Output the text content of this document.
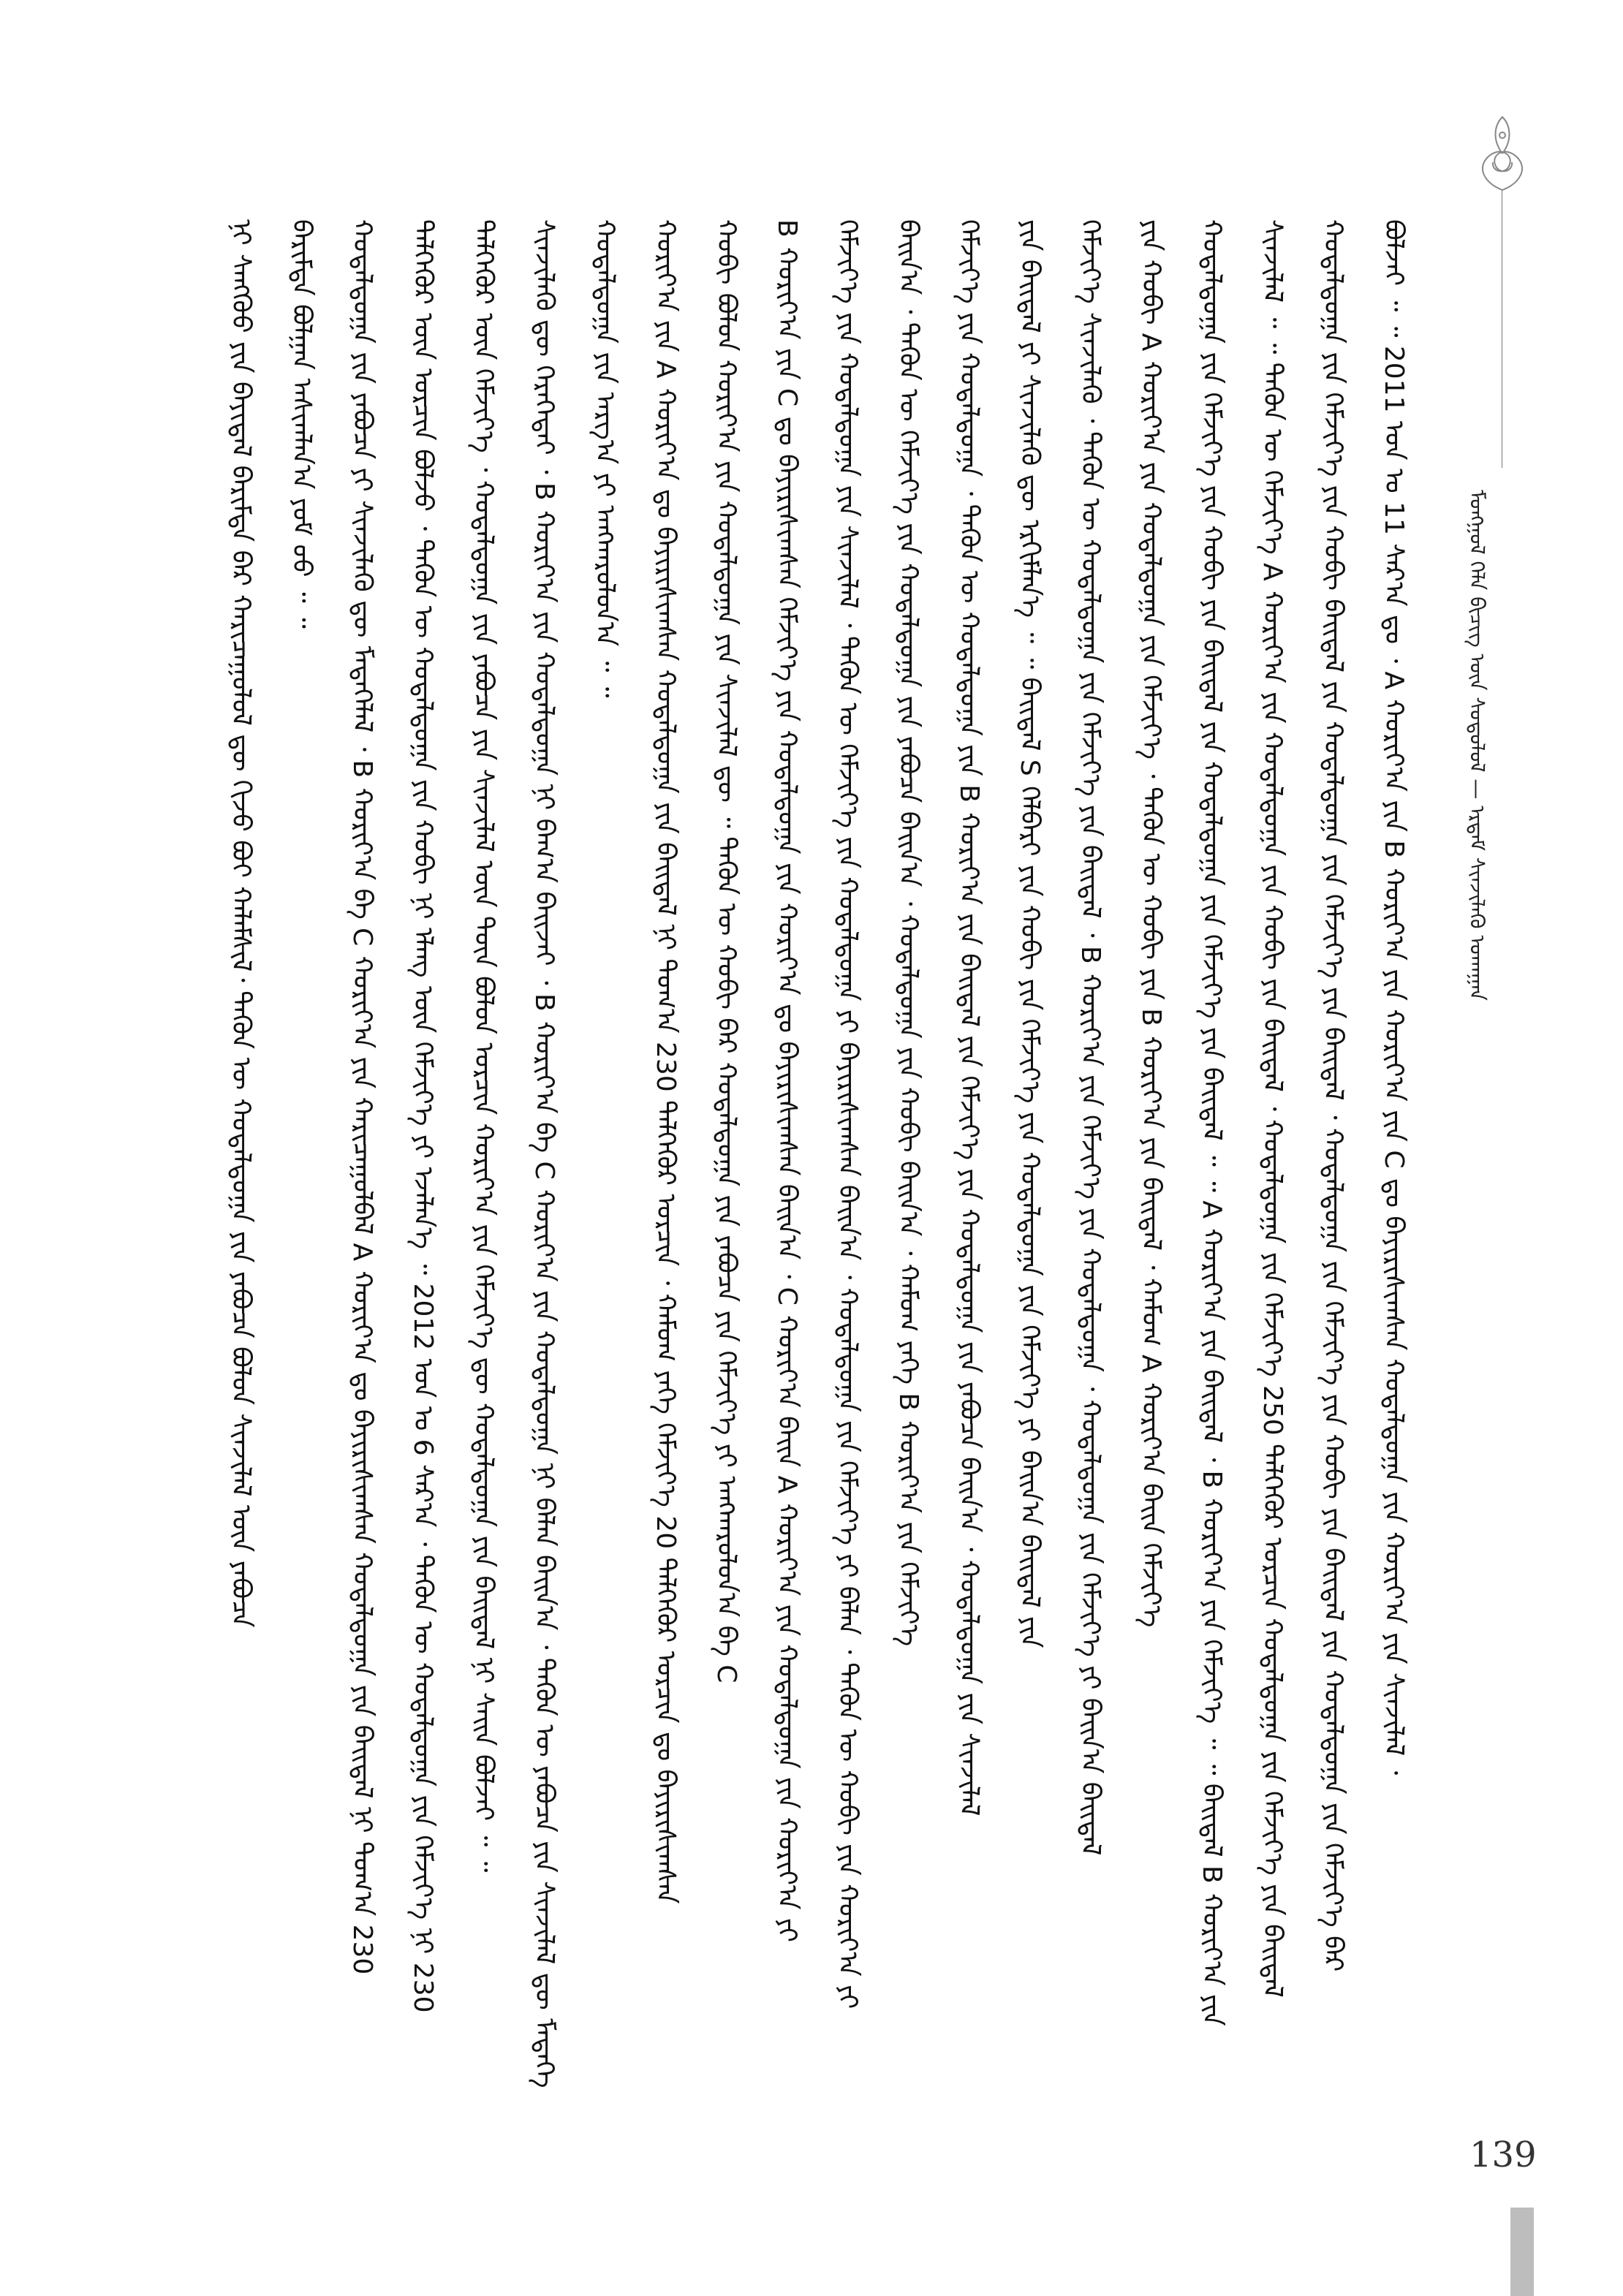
ᠮᠣᠩᠭᠣᠯ ᠬᠡᠯᠡ ᠪᠢᠴᠢᠭ᠌ ᠦᠨ ᠰᠤᠳᠤᠯᠤᠯ — ᠡᠷᠳᠡᠮ ᠰᠢᠨᠵᠢᠯᠡᠬᠦ ᠤᠬᠠᠭᠠᠨ
ᠨᠢ ᠰᠠᠩᠬᠦᠦ ᠶᠢᠨ ᠪᠠᠶᠢᠳᠠᠯ ᠪᠠᠷᠢᠮᠲᠠ ᠪᠠᠷ ᠬᠠᠷᠢᠴᠠᠭᠤᠯᠤᠯ ᠳᠦ ᠬᠢᠵᠦ ᠪᠤᠢ ᠬᠠᠯᠠᠮᠰᠢᠯ᠂ ᠲᠡᠭᠦᠨ ᠦ ᠬᠤᠳᠠᠯᠳᠤᠭᠠ ᠶᠢᠨ ᠶᠠᠪᠤᠴᠠ ᠪᠣᠯᠤᠨ ᠰᠢᠨᠵᠢᠯᠡᠯ ᠦᠨ ᠶᠠᠪᠤᠴᠠ ᠪᠠᠷᠢᠮᠲᠠ ᠪᠣᠯᠭᠠᠨ ᠠᠰᠢᠭᠯᠠᠨ᠎ᠠ ᠶᠤᠮ ᠦᠦ ᠃ ᠃ ᠬᠤᠳᠠᠯᠳᠤᠭᠠ ᠶᠢᠨ ᠶᠠᠪᠤᠴᠠ ᠶᠢ ᠰᠢᠨᠵᠢᠯᠡᠬᠦ ᠳᠦ ᠮᠡᠳᠡᠭᠡᠯᠡᠯ ᠂ B ᠬᠣᠷᠢᠶ᠎ᠠ ᠪᠠ C ᠬᠣᠷᠢᠶ᠎ᠠ ᠶᠢᠨ ᠬᠠᠷᠢᠴᠠᠭᠤᠯᠪᠠᠯ A ᠬᠣᠷᠢᠶ᠎ᠠ ᠳᠤ ᠪᠠᠶᠢᠷᠢᠰᠢᠭᠰᠠᠨ ᠬᠤᠳᠠᠯᠳᠤᠭᠠ ᠶᠢᠨ ᠪᠠᠢᠳᠠᠯ ᠨᠢ ᠲᠣᠭ᠎ᠠ 230 ᠳᠡᠯᠭᠡᠭᠦᠷ ᠦᠨ ᠣᠷᠴᠢᠨ ᠪᠣᠯᠵᠤ ᠂ ᠲᠡᠭᠦᠨ ᠦ ᠬᠤᠳᠠᠯᠳᠤᠭᠠ ᠶᠢᠨ ᠬᠤᠪᠢ ᠨᠢ ᠡᠯᠡᠩ ᠦᠨ ᠬᠡᠮᠵᠢᠶ᠎ᠡ ᠶᠢ ᠡᠵᠡᠯᠡᠨ᠎ᠡ ᠃ 2012 ᠣᠨ ᠤ 6 ᠰᠠᠷ᠎ᠠ ᠂ ᠲᠡᠭᠦᠨ ᠦ ᠬᠤᠳᠠᠯᠳᠤᠭᠠ ᠶᠢᠨ ᠬᠡᠮᠵᠢᠶ᠎ᠡ ᠨᠢ 230 ᠳᠡᠯᠭᠡᠭᠦᠷ ᠦᠨ ᠬᠡᠮᠵᠢᠶ᠎ᠡ ᠂ ᠬᠤᠳᠠᠯᠳᠤᠭᠠ ᠶᠢᠨ ᠶᠠᠪᠤᠴᠠ ᠶᠢᠨ ᠰᠢᠨᠵᠢᠯᠡᠯ ᠦᠨ ᠳᠦᠨ ᠪᠣᠯᠤᠨ ᠣᠷᠴᠢᠨ ᠬᠣᠷᠢᠶ᠎ᠠ ᠶᠢᠨ ᠬᠡᠮᠵᠢᠶ᠎ᠡ ᠳᠦ ᠬᠤᠳᠠᠯᠳᠤᠭᠠ ᠶᠢᠨ ᠪᠠᠢᠳᠠᠯ ᠨᠢ ᠰᠠᠢᠨ ᠪᠣᠯᠵᠠᠢ ᠃ ᠃ ᠰᠢᠨᠵᠢᠯᠡᠬᠦ ᠳᠦ ᠬᠡᠷᠡᠭᠡᠳᠡᠢ ᠂ B ᠬᠣᠷᠢᠶ᠎ᠠ ᠶᠢᠨ ᠬᠤᠳᠠᠯᠳᠤᠭᠠ ᠨᠢ ᠪᠠᠭ᠎ᠠ ᠪᠠᠢᠵᠠᠢ ᠂ B ᠬᠣᠷᠢᠶ᠎ᠠ ᠪᠠ C ᠬᠣᠷᠢᠶ᠎ᠠ ᠶᠢᠨ ᠬᠤᠳᠠᠯᠳᠤᠭᠠ ᠨᠢ ᠪᠡᠯᠡᠨ ᠪᠠᠢᠨ᠎ᠠ ᠂ ᠲᠡᠭᠦᠨ ᠦ ᠶᠠᠪᠤᠴᠠ ᠶᠢᠨ ᠰᠢᠨᠵᠢᠯᠡᠯ ᠳᠦ ᠮᠡᠳᠡᠭᠡ ᠬᠤᠳᠠᠯᠳᠤᠭᠠ ᠶᠢᠨ ᠠᠷᠭ᠎ᠠ ᠶᠢ ᠠᠩᠬᠠᠷᠤᠯᠤᠨ᠎ᠠ ᠃ ᠃ ᠬᠣᠷᠢᠶ᠎ᠠ ᠶᠢᠨ A ᠬᠣᠷᠢᠶ᠎ᠠ ᠳᠤ ᠪᠠᠶᠢᠷᠢᠰᠢᠭᠰᠠᠨ ᠬᠤᠳᠠᠯᠳᠤᠭᠠ ᠶᠢᠨ ᠪᠠᠢᠳᠠᠯ ᠨᠢ ᠲᠣᠭ᠎ᠠ 230 ᠳᠡᠯᠭᠡᠭᠦᠷ ᠣᠷᠴᠢᠨ ᠂ ᠬᠠᠮᠤᠭ ᠶᠡᠬᠡ ᠬᠡᠮᠵᠢᠶ᠎ᠡ 20 ᠳᠡᠯᠭᠡᠭᠦᠷ ᠣᠷᠴᠢᠨ ᠳᠤ ᠪᠠᠶᠢᠷᠢᠰᠢᠭᠰᠠᠨ ᠬᠤᠪᠢ ᠪᠣᠯᠤᠨ ᠬᠣᠷᠢᠶ᠎ᠠ ᠶᠢᠨ ᠬᠤᠳᠠᠯᠳᠤᠭᠠ ᠶᠢᠨ ᠰᠢᠨᠵᠢᠯᠡᠯ ᠳᠦ ᠃ ᠲᠡᠭᠦᠨ ᠦ ᠬᠤᠪᠢ ᠪᠠᠷ ᠬᠤᠳᠠᠯᠳᠤᠭᠠ ᠶᠢᠨ ᠶᠠᠪᠤᠴᠠ ᠶᠢᠨ ᠬᠡᠮᠵᠢᠶ᠎ᠡ ᠶᠢ ᠠᠩᠬᠠᠷᠤᠯᠤᠨ᠎ᠠ ᠪᠠ C B ᠬᠣᠷᠢᠶ᠎ᠠ ᠶᠢᠨ C ᠳᠤ ᠪᠠᠶᠢᠷᠢᠰᠢᠭᠰᠠᠨ ᠬᠡᠮᠵᠢᠶ᠎ᠡ ᠶᠢᠨ ᠬᠤᠳᠠᠯᠳᠤᠭᠠ ᠶᠢᠨ ᠬᠣᠷᠢᠶ᠎ᠠ ᠳᠤ ᠪᠠᠶᠢᠷᠢᠰᠢᠭᠰᠠᠨ ᠪᠠᠢᠨ᠎ᠠ ᠂ C ᠬᠣᠷᠢᠶ᠎ᠠ ᠪᠠᠢᠨ A ᠬᠣᠷᠢᠶ᠎ᠠ ᠶᠢᠨ ᠬᠤᠳᠠᠯᠳᠤᠭᠠ ᠶᠢᠨ ᠬᠣᠷᠢᠶ᠎ᠠ ᠶᠢ ᠬᠡᠮᠵᠢᠶ᠎ᠡ ᠶᠢᠨ ᠬᠤᠳᠠᠯᠳᠤᠭᠠ ᠶᠢᠨ ᠰᠢᠨᠵᠢᠯᠡᠯ ᠂ ᠲᠡᠭᠦᠨ ᠦ ᠬᠡᠮᠵᠢᠶ᠎ᠡ ᠶᠢᠨ ᠬᠤᠳᠠᠯᠳᠤᠭᠠ ᠶᠢ ᠪᠠᠶᠢᠷᠢᠰᠢᠭᠰᠠᠨ ᠪᠠᠢᠨ᠎ᠠ ᠂ ᠬᠤᠳᠠᠯᠳᠤᠭᠠ ᠶᠢᠨ ᠬᠡᠮᠵᠢᠶ᠎ᠡ ᠶᠢ ᠪᠡᠯᠡᠨ ᠂ ᠲᠡᠭᠦᠨ ᠦ ᠬᠤᠪᠢ ᠶᠢᠨ ᠬᠣᠷᠢᠶ᠎ᠠ ᠶᠢ ᠪᠠᠢᠨ᠎ᠠ ᠂ ᠲᠡᠭᠦᠨ ᠦ ᠬᠡᠮᠵᠢᠶ᠎ᠡ ᠶᠢᠨ ᠬᠤᠳᠠᠯᠳᠤᠭᠠ ᠶᠢᠨ ᠶᠠᠪᠤᠴᠠ ᠪᠠᠢᠨ᠎ᠠ ᠂ ᠬᠤᠳᠠᠯᠳᠤᠭᠠ ᠶᠢᠨ ᠬᠤᠪᠢ ᠪᠠᠢᠨ᠎ᠠ ᠂ ᠬᠠᠮᠤᠭ ᠶᠡᠬᠡ B ᠬᠣᠷᠢᠶ᠎ᠠ ᠶᠢᠨ ᠬᠡᠮᠵᠢᠶ᠎ᠡ ᠬᠡᠮᠵᠢᠶ᠎ᠡ ᠶᠢᠨ ᠬᠤᠳᠠᠯᠳᠤᠭᠠ ᠂ ᠲᠡᠭᠦᠨ ᠦ ᠬᠤᠳᠠᠯᠳᠤᠭᠠ ᠶᠢᠨ B ᠬᠣᠷᠢᠶ᠎ᠠ ᠶᠢᠨ ᠪᠠᠢᠳᠠᠯ ᠶᠢᠨ ᠬᠡᠮᠵᠢᠶ᠎ᠡ ᠶᠢᠨ ᠬᠤᠳᠠᠯᠳᠤᠭᠠ ᠶᠢᠨ ᠶᠠᠪᠤᠴᠠ ᠪᠠᠢᠨ᠎ᠠ ᠂ ᠬᠤᠳᠠᠯᠳᠤᠭᠠ ᠶᠢᠨ ᠰᠢᠨᠵᠢᠯᠡᠯ ᠶᠢᠨ ᠪᠠᠢᠳᠠᠯ ᠶᠢ ᠰᠢᠨᠵᠢᠯᠡᠬᠦ ᠳᠦ ᠡᠷᠬᠢᠮᠯᠡᠨ᠎ᠡ ᠃ ᠃ ᠪᠠᠢᠳᠠᠯ S ᠬᠡᠯᠪᠡᠷᠢ ᠶᠢᠨ ᠬᠤᠪᠢ ᠶᠢᠨ ᠬᠡᠮᠵᠢᠶ᠎ᠡ ᠶᠢᠨ ᠬᠤᠳᠠᠯᠳᠤᠭᠠ ᠶᠢᠨ ᠬᠡᠮᠵᠢᠶ᠎ᠡ ᠶᠢ ᠪᠠᠢᠨ᠎ᠠ ᠪᠠᠢᠳᠠᠯ ᠶᠢᠨ ᠬᠡᠮᠵᠢᠶ᠎ᠡ ᠰᠢᠨᠵᠢᠯᠡᠬᠦ ᠂ ᠲᠡᠭᠦᠨ ᠦ ᠬᠤᠳᠠᠯᠳᠤᠭᠠ ᠶᠢᠨ ᠬᠡᠮᠵᠢᠶ᠎ᠡ ᠶᠢᠨ ᠪᠠᠢᠳᠠᠯ ᠂ B ᠬᠣᠷᠢᠶ᠎ᠠ ᠶᠢᠨ ᠬᠡᠮᠵᠢᠶ᠎ᠡ ᠶᠢᠨ ᠬᠤᠳᠠᠯᠳᠤᠭᠠ ᠂ ᠬᠤᠳᠠᠯᠳᠤᠭᠠ ᠶᠢᠨ ᠬᠡᠮᠵᠢᠶ᠎ᠡ ᠶᠢ ᠪᠠᠢᠨ᠎ᠠ ᠪᠠᠢᠳᠠᠯ ᠶᠢᠨ ᠬᠤᠪᠢ A ᠬᠣᠷᠢᠶ᠎ᠠ ᠶᠢᠨ ᠬᠤᠳᠠᠯᠳᠤᠭᠠ ᠶᠢᠨ ᠬᠡᠮᠵᠢᠶ᠎ᠡ ᠂ ᠲᠡᠭᠦᠨ ᠦ ᠬᠤᠪᠢ ᠶᠢᠨ B ᠬᠣᠷᠢᠶ᠎ᠠ ᠶᠢᠨ ᠪᠠᠢᠳᠠᠯ ᠂ ᠬᠠᠮᠤᠭ A ᠬᠣᠷᠢᠶ᠎ᠠ ᠪᠠᠢᠨ ᠬᠡᠮᠵᠢᠶ᠎ᠡ ᠬᠤᠳᠠᠯᠳᠤᠭᠠ ᠶᠢᠨ ᠬᠡᠮᠵᠢᠶ᠎ᠡ ᠶᠢᠨ ᠬᠤᠪᠢ ᠶᠢᠨ ᠪᠠᠢᠳᠠᠯ ᠶᠢᠨ ᠬᠤᠳᠠᠯᠳᠤᠭᠠ ᠶᠢᠨ ᠬᠡᠮᠵᠢᠶ᠎ᠡ ᠶᠢᠨ ᠪᠠᠢᠳᠠᠯ ᠃ ᠃ A ᠬᠣᠷᠢᠶ᠎ᠠ ᠶᠢᠨ ᠪᠠᠢᠳᠠᠯ ᠂ B ᠬᠣᠷᠢᠶ᠎ᠠ ᠶᠢᠨ ᠬᠡᠮᠵᠢᠶ᠎ᠡ ᠃ ᠃ ᠪᠠᠢᠳᠠᠯ B ᠬᠣᠷᠢᠶ᠎ᠠ ᠶᠢᠨ ᠰᠢᠨᠵᠢᠯᠡᠯ ᠃ ᠃ ᠲᠡᠭᠦᠨ ᠦ ᠬᠡᠮᠵᠢᠶ᠎ᠡ A ᠬᠣᠷᠢᠶ᠎ᠠ ᠶᠢᠨ ᠬᠤᠳᠠᠯᠳᠤᠭᠠ ᠶᠢᠨ ᠬᠤᠪᠢ ᠶᠢᠨ ᠪᠠᠢᠳᠠᠯ ᠂ ᠬᠤᠳᠠᠯᠳᠤᠭᠠ ᠶᠢᠨ ᠬᠡᠮᠵᠢᠶ᠎ᠡ 250 ᠳᠡᠯᠭᠡᠭᠦᠷ ᠣᠷᠴᠢᠨ ᠬᠤᠳᠠᠯᠳᠤᠭᠠ ᠶᠢᠨ ᠬᠡᠮᠵᠢᠶ᠎ᠡ ᠶᠢᠨ ᠪᠠᠢᠳᠠᠯ ᠬᠤᠳᠠᠯᠳᠤᠭᠠ ᠶᠢᠨ ᠬᠡᠮᠵᠢᠶ᠎ᠡ ᠶᠢᠨ ᠬᠤᠪᠢ ᠪᠠᠢᠳᠠᠯ ᠶᠢᠨ ᠬᠤᠳᠠᠯᠳᠤᠭᠠ ᠶᠢᠨ ᠬᠡᠮᠵᠢᠶ᠎ᠡ ᠶᠢᠨ ᠪᠠᠢᠳᠠᠯ ᠂ ᠬᠤᠳᠠᠯᠳᠤᠭᠠ ᠶᠢᠨ ᠬᠡᠮᠵᠢᠶ᠎ᠡ ᠶᠢᠨ ᠬᠤᠪᠢ ᠶᠢᠨ ᠪᠠᠢᠳᠠᠯ ᠶᠢᠨ ᠬᠤᠳᠠᠯᠳᠤᠭᠠ ᠶᠢᠨ ᠬᠡᠮᠵᠢᠶ᠎ᠡ ᠪᠠᠷ ᠪᠣᠯᠵᠠᠢ ᠃ ᠃ 2011 ᠣᠨ ᠤ 11 ᠰᠠᠷ᠎ᠠ ᠳᠤ ᠂ A ᠬᠣᠷᠢᠶ᠎ᠠ ᠶᠢᠨ B ᠬᠣᠷᠢᠶ᠎ᠠ ᠶᠢᠨ ᠬᠣᠷᠢᠶ᠎ᠠ ᠶᠢᠨ C ᠳᠤ ᠪᠠᠶᠢᠷᠢᠰᠢᠭᠰᠠᠨ ᠬᠤᠳᠠᠯᠳᠤᠭᠠ ᠶᠢᠨ ᠬᠣᠷᠢᠶ᠎ᠠ ᠶᠢᠨ ᠰᠢᠨᠵᠢᠯᠡᠯ ᠂
139
